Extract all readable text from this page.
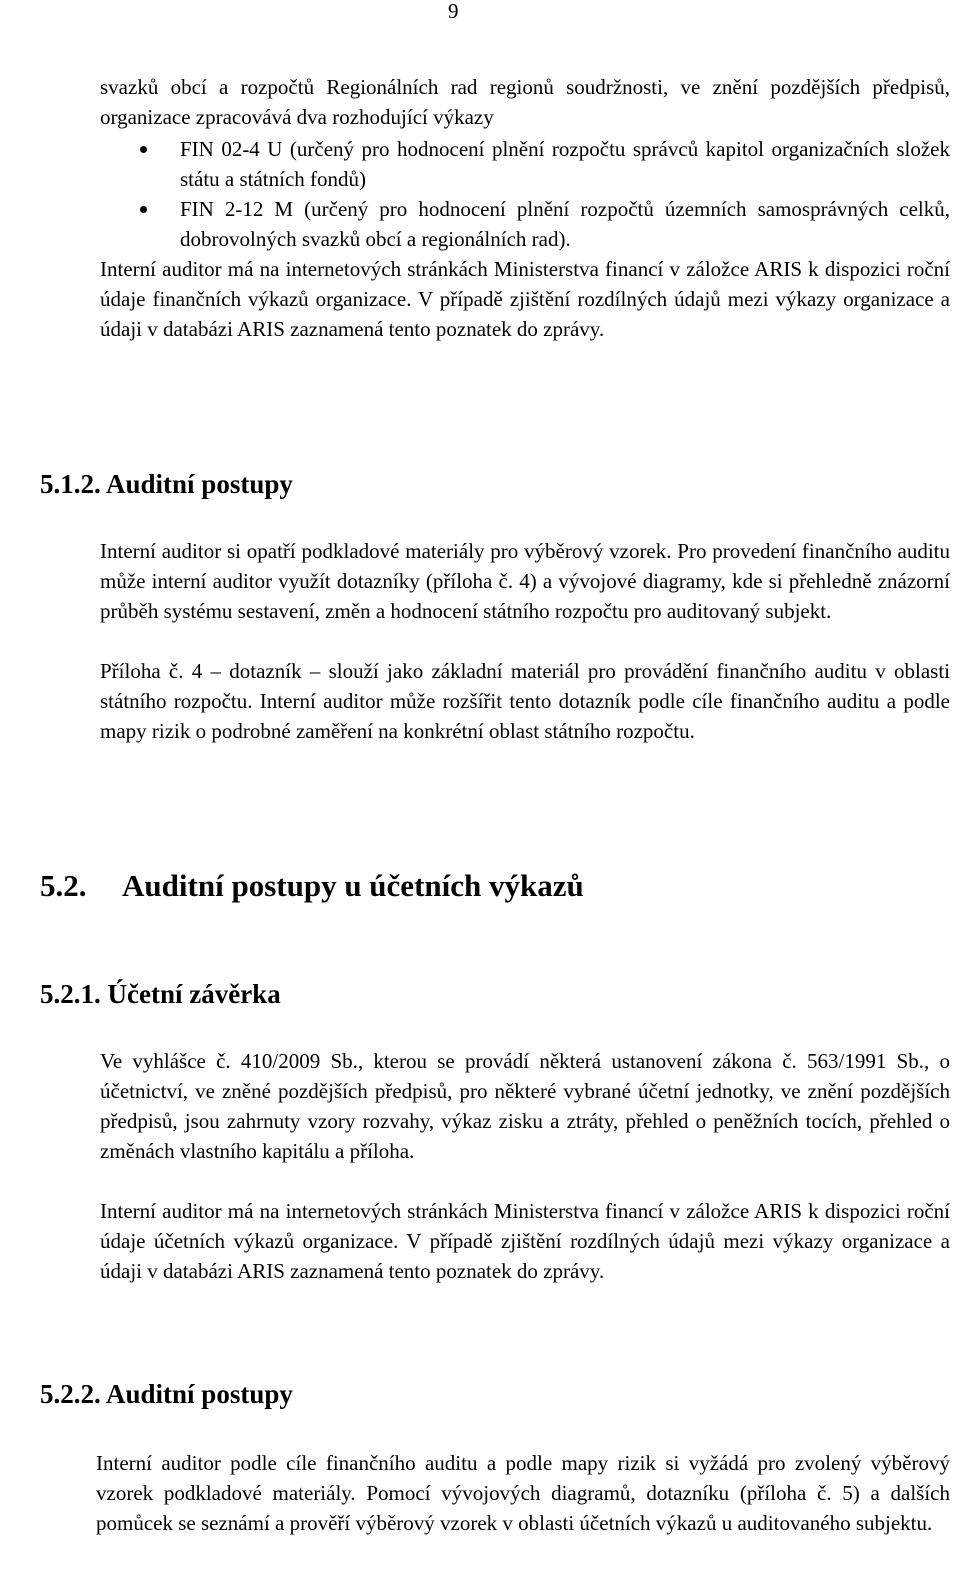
9

svazků obcí a rozpočtů Regionálních rad regionů soudržnosti, ve znění pozdějších předpisů, organizace zpracovává dva rozhodující výkazy

FIN 02-4 U (určený pro hodnocení plnění rozpočtu správců kapitol organizačních složek státu a státních fondů)
FIN 2-12 M (určený pro hodnocení plnění rozpočtů územních samosprávných celků, dobrovolných svazků obcí a regionálních rad).

Interní auditor má na internetových stránkách Ministerstva financí v záložce ARIS k dispozici roční údaje finančních výkazů organizace. V případě zjištění rozdílných údajů mezi výkazy organizace a údaji v databázi ARIS zaznamená tento poznatek do zprávy.

5.1.2. Auditní postupy

Interní auditor si opatří podkladové materiály pro výběrový vzorek. Pro provedení finančního auditu může interní auditor využít dotazníky (příloha č. 4) a vývojové diagramy, kde si přehledně znázorní průběh systému sestavení, změn a hodnocení státního rozpočtu pro auditovaný subjekt.

Příloha č. 4 – dotazník – slouží jako základní materiál pro provádění finančního auditu v oblasti státního rozpočtu. Interní auditor může rozšířit tento dotazník podle cíle finančního auditu a podle mapy rizik o podrobné zaměření na konkrétní oblast státního rozpočtu.

5.2. Auditní postupy u účetních výkazů
5.2.1. Účetní závěrka

Ve vyhlášce č. 410/2009 Sb., kterou se provádí některá ustanovení zákona č. 563/1991 Sb., o účetnictví, ve zněné pozdějších předpisů, pro některé vybrané účetní jednotky, ve znění pozdějších předpisů, jsou zahrnuty vzory rozvahy, výkaz zisku a ztráty, přehled o peněžních tocích, přehled o změnách vlastního kapitálu a příloha.

Interní auditor má na internetových stránkách Ministerstva financí v záložce ARIS k dispozici roční údaje účetních výkazů organizace. V případě zjištění rozdílných údajů mezi výkazy organizace a údaji v databázi ARIS zaznamená tento poznatek do zprávy.

5.2.2. Auditní postupy

Interní auditor podle cíle finančního auditu a podle mapy rizik si vyžádá pro zvolený výběrový vzorek podkladové materiály. Pomocí vývojových diagramů, dotazníku (příloha č. 5) a dalších pomůcek se seznámí a prověří výběrový vzorek v oblasti účetních výkazů u auditovaného subjektu.
